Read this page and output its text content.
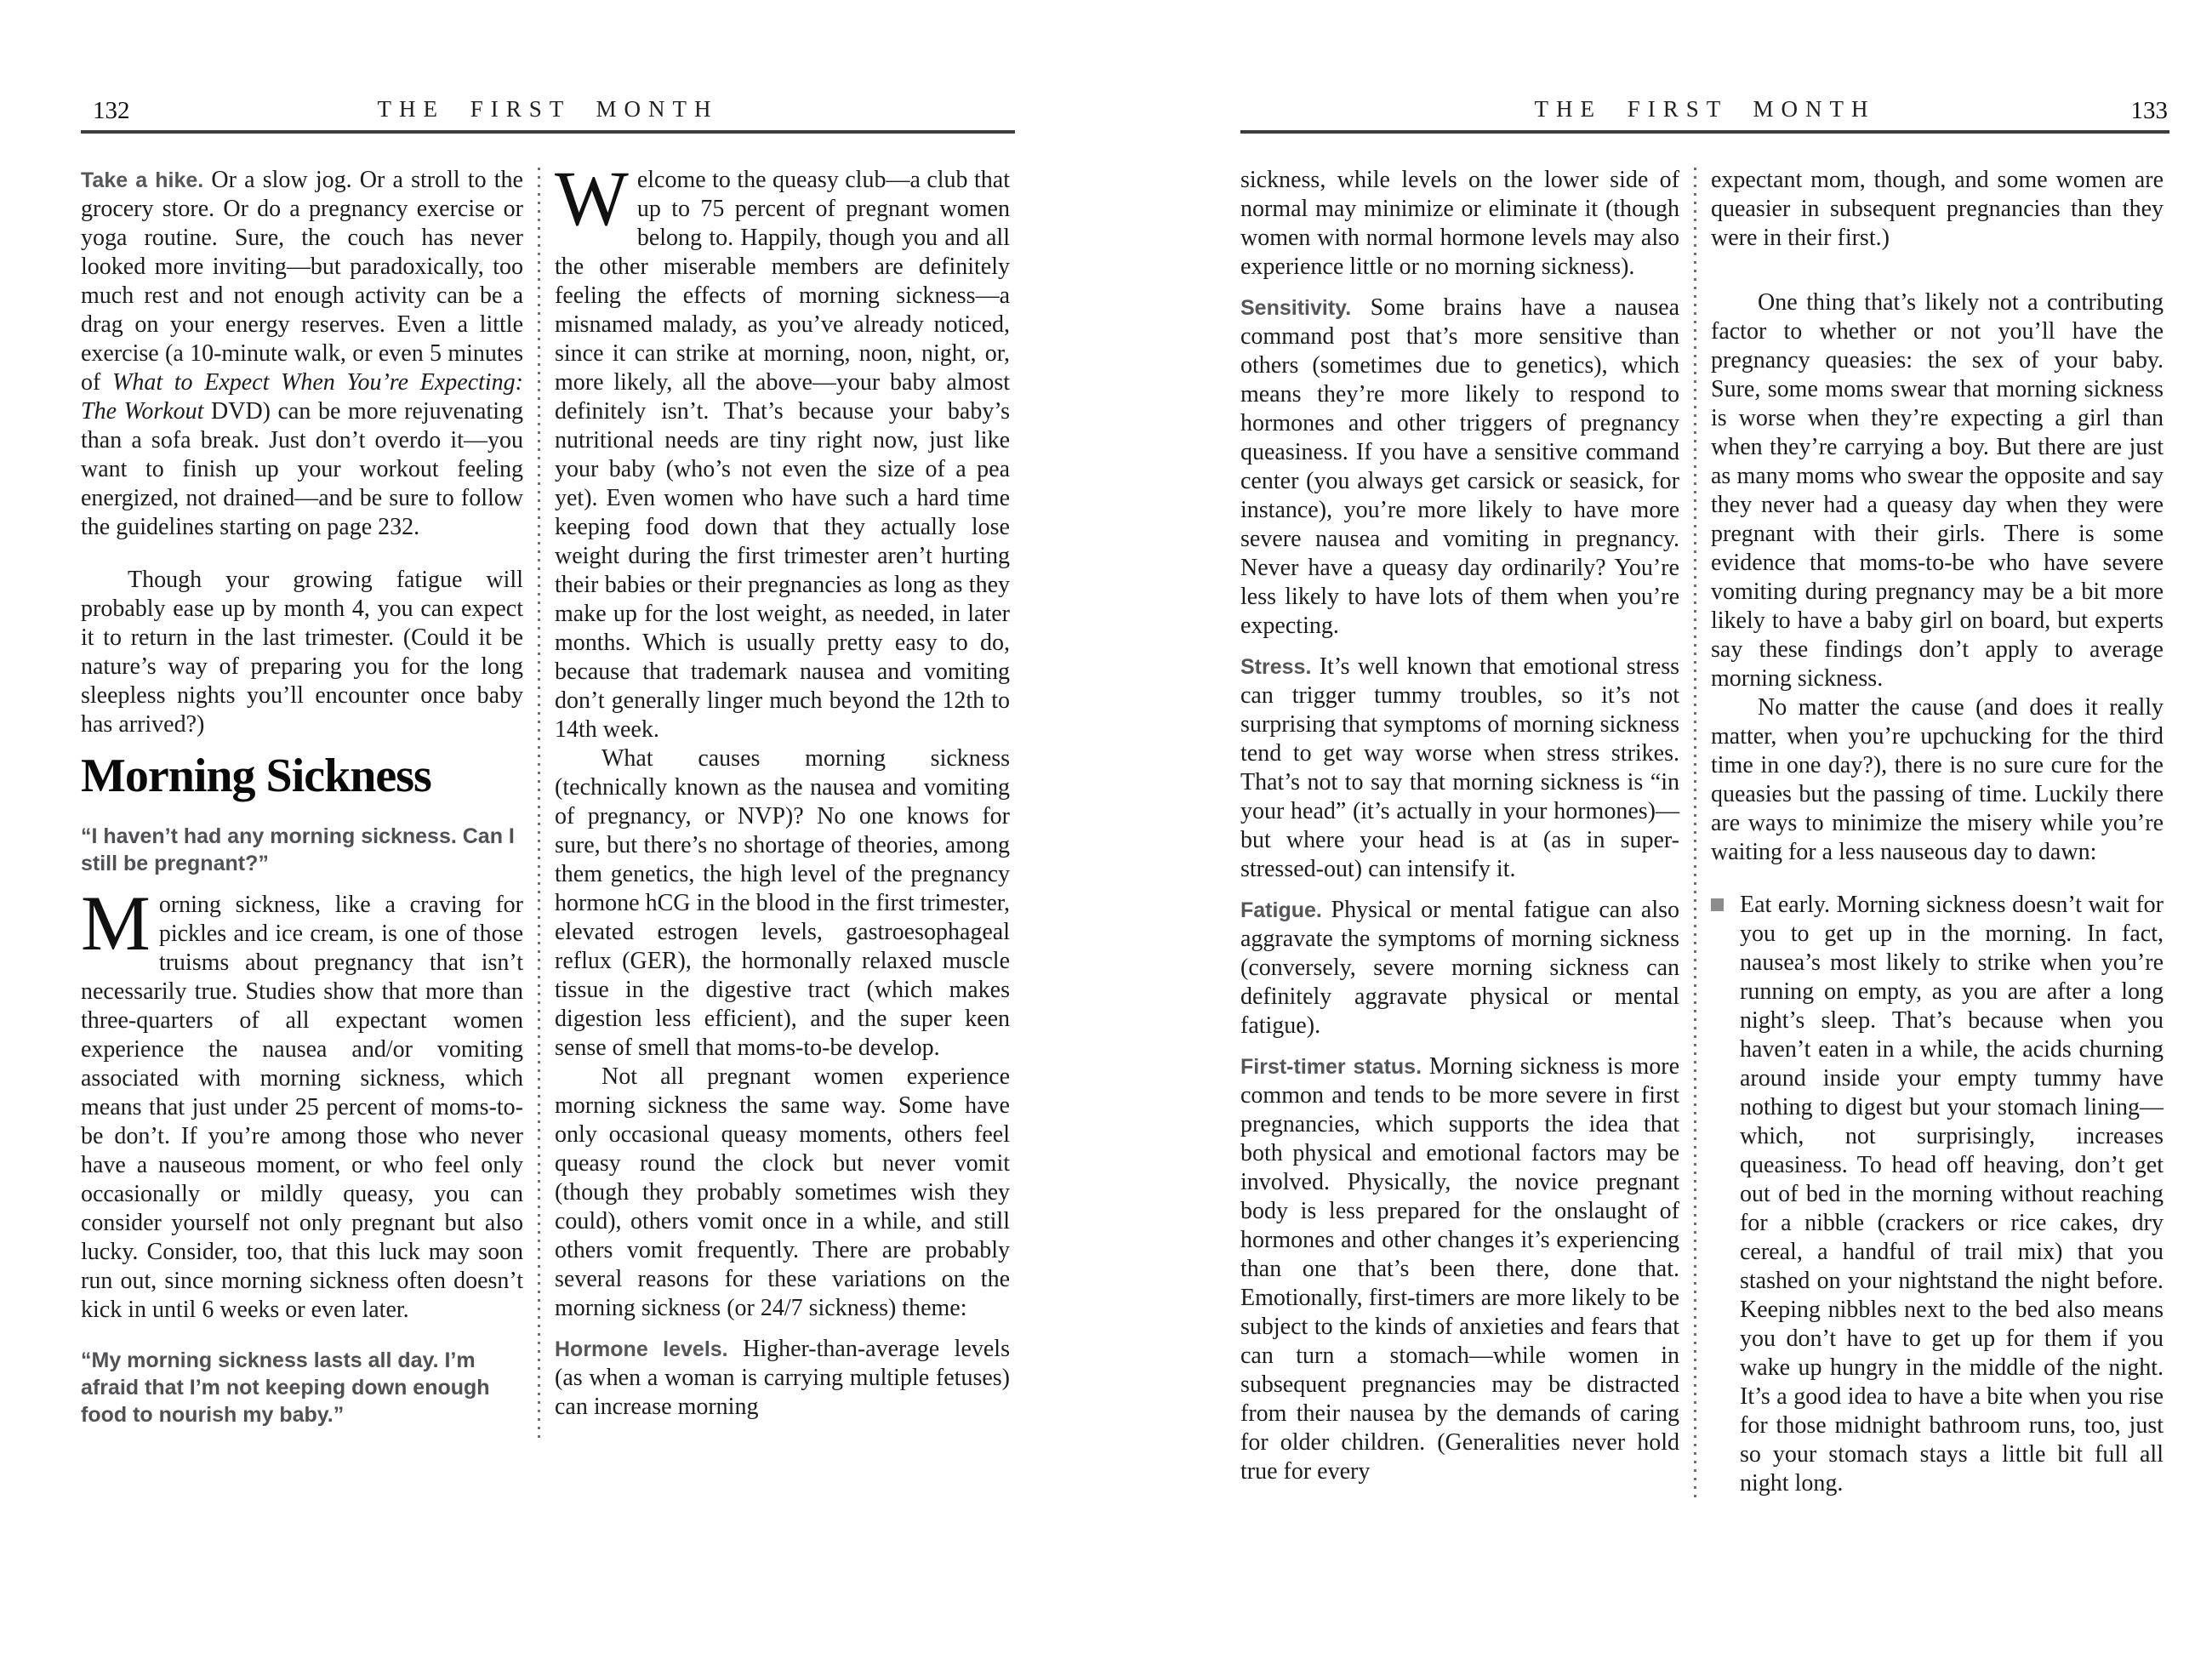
132	THE FIRST MONTH

Take a hike. Or a slow jog. Or a stroll to the grocery store. Or do a pregnancy exercise or yoga routine. Sure, the couch has never looked more inviting—but paradoxically, too much rest and not enough activity can be a drag on your energy reserves. Even a little exercise (a 10-minute walk, or even 5 minutes of What to Expect When You’re Expecting: The Workout DVD) can be more rejuvenating than a sofa break. Just don’t overdo it—you want to finish up your workout feeling energized, not drained—and be sure to follow the guidelines starting on page 232.

Though your growing fatigue will probably ease up by month 4, you can expect it to return in the last trimester. (Could it be nature’s way of preparing you for the long sleepless nights you’ll encounter once baby has arrived?)

Morning Sickness

“I haven’t had any morning sickness. Can I still be pregnant?”

Morning sickness, like a craving for pickles and ice cream, is one of those truisms about pregnancy that isn’t necessarily true. Studies show that more than three-quarters of all expectant women experience the nausea and/or vomiting associated with morning sickness, which means that just under 25 percent of moms-to-be don’t. If you’re among those who never have a nauseous moment, or who feel only occasionally or mildly queasy, you can consider yourself not only pregnant but also lucky. Consider, too, that this luck may soon run out, since morning sickness often doesn’t kick in until 6 weeks or even later.

“My morning sickness lasts all day. I’m afraid that I’m not keeping down enough food to nourish my baby.”

Welcome to the queasy club—a club that up to 75 percent of pregnant women belong to. Happily, though you and all the other miserable members are definitely feeling the effects of morning sickness—a misnamed malady, as you’ve already noticed, since it can strike at morning, noon, night, or, more likely, all the above—your baby almost definitely isn’t. That’s because your baby’s nutritional needs are tiny right now, just like your baby (who’s not even the size of a pea yet). Even women who have such a hard time keeping food down that they actually lose weight during the first trimester aren’t hurting their babies or their pregnancies as long as they make up for the lost weight, as needed, in later months. Which is usually pretty easy to do, because that trademark nausea and vomiting don’t generally linger much beyond the 12th to 14th week.

What causes morning sickness (technically known as the nausea and vomiting of pregnancy, or NVP)? No one knows for sure, but there’s no shortage of theories, among them genetics, the high level of the pregnancy hormone hCG in the blood in the first trimester, elevated estrogen levels, gastroesophageal reflux (GER), the hormonally relaxed muscle tissue in the digestive tract (which makes digestion less efficient), and the super keen sense of smell that moms-to-be develop.

Not all pregnant women experience morning sickness the same way. Some have only occasional queasy moments, others feel queasy round the clock but never vomit (though they probably sometimes wish they could), others vomit once in a while, and still others vomit frequently. There are probably several reasons for these variations on the morning sickness (or 24/7 sickness) theme:

Hormone levels. Higher-than-average levels (as when a woman is carrying multiple fetuses) can increase morning

THE FIRST MONTH	133

sickness, while levels on the lower side of normal may minimize or eliminate it (though women with normal hormone levels may also experience little or no morning sickness).

Sensitivity. Some brains have a nausea command post that’s more sensitive than others (sometimes due to genetics), which means they’re more likely to respond to hormones and other triggers of pregnancy queasiness. If you have a sensitive command center (you always get carsick or seasick, for instance), you’re more likely to have more severe nausea and vomiting in pregnancy. Never have a queasy day ordinarily? You’re less likely to have lots of them when you’re expecting.

Stress. It’s well known that emotional stress can trigger tummy troubles, so it’s not surprising that symptoms of morning sickness tend to get way worse when stress strikes. That’s not to say that morning sickness is “in your head” (it’s actually in your hormones)—but where your head is at (as in super-stressed-out) can intensify it.

Fatigue. Physical or mental fatigue can also aggravate the symptoms of morning sickness (conversely, severe morning sickness can definitely aggravate physical or mental fatigue).

First-timer status. Morning sickness is more common and tends to be more severe in first pregnancies, which supports the idea that both physical and emotional factors may be involved. Physically, the novice pregnant body is less prepared for the onslaught of hormones and other changes it’s experiencing than one that’s been there, done that. Emotionally, first-timers are more likely to be subject to the kinds of anxieties and fears that can turn a stomach—while women in subsequent pregnancies may be distracted from their nausea by the demands of caring for older children. (Generalities never hold true for every

expectant mom, though, and some women are queasier in subsequent pregnancies than they were in their first.)

One thing that’s likely not a contributing factor to whether or not you’ll have the pregnancy queasies: the sex of your baby. Sure, some moms swear that morning sickness is worse when they’re expecting a girl than when they’re carrying a boy. But there are just as many moms who swear the opposite and say they never had a queasy day when they were pregnant with their girls. There is some evidence that moms-to-be who have severe vomiting during pregnancy may be a bit more likely to have a baby girl on board, but experts say these findings don’t apply to average morning sickness.

No matter the cause (and does it really matter, when you’re upchucking for the third time in one day?), there is no sure cure for the queasies but the passing of time. Luckily there are ways to minimize the misery while you’re waiting for a less nauseous day to dawn:

Eat early. Morning sickness doesn’t wait for you to get up in the morning. In fact, nausea’s most likely to strike when you’re running on empty, as you are after a long night’s sleep. That’s because when you haven’t eaten in a while, the acids churning around inside your empty tummy have nothing to digest but your stomach lining—which, not surprisingly, increases queasiness. To head off heaving, don’t get out of bed in the morning without reaching for a nibble (crackers or rice cakes, dry cereal, a handful of trail mix) that you stashed on your nightstand the night before. Keeping nibbles next to the bed also means you don’t have to get up for them if you wake up hungry in the middle of the night. It’s a good idea to have a bite when you rise for those midnight bathroom runs, too, just so your stomach stays a little bit full all night long.
